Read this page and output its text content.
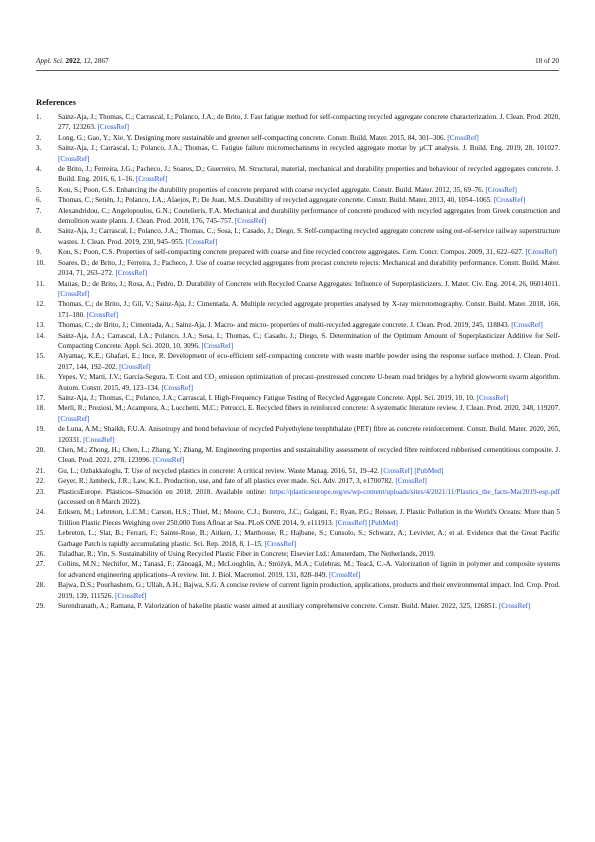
Appl. Sci. 2022, 12, 2867	18 of 20
References
1.	Sainz-Aja, J.; Thomas, C.; Carrascal, I.; Polanco, J.A.; de Brito, J. Fast fatigue method for self-compacting recycled aggregate concrete characterization. J. Clean. Prod. 2020, 277, 123263. [CrossRef]
2.	Long, G.; Gao, Y.; Xie, Y. Designing more sustainable and greener self-compacting concrete. Constr. Build. Mater. 2015, 84, 301–306. [CrossRef]
3.	Sainz-Aja, J.; Carrascal, I.; Polanco, J.A.; Thomas, C. Fatigue failure micromechanisms in recycled aggregate mortar by µCT analysis. J. Build. Eng. 2019, 28, 101027. [CrossRef]
4.	de Brito, J.; Ferreira, J.G.; Pacheco, J.; Soares, D.; Guerreiro, M. Structural, material, mechanical and durability properties and behaviour of recycled aggregates concrete. J. Build. Eng. 2016, 6, 1–16. [CrossRef]
5.	Kou, S.; Poon, C.S. Enhancing the durability properties of concrete prepared with coarse recycled aggregate. Constr. Build. Mater. 2012, 35, 69–76. [CrossRef]
6.	Thomas, C.; Setién, J.; Polanco, J.A.; Alaejos, P.; De Juan, M.S. Durability of recycled aggregate concrete. Constr. Build. Mater. 2013, 40, 1054–1065. [CrossRef]
7.	Alexandridou, C.; Angelopoulos, G.N.; Coutelieris, F.A. Mechanical and durability performance of concrete produced with recycled aggregates from Greek construction and demolition waste plants. J. Clean. Prod. 2018, 176, 745–757. [CrossRef]
8.	Sainz-Aja, J.; Carrascal, I.; Polanco, J.A.; Thomas, C.; Sosa, I.; Casado, J.; Diego, S. Self-compacting recycled aggregate concrete using out-of-service railway superstructure wastes. J. Clean. Prod. 2019, 230, 945–955. [CrossRef]
9.	Kou, S.; Poon, C.S. Properties of self-compacting concrete prepared with coarse and fine recycled concrete aggregates. Cem. Concr. Compos. 2009, 31, 622–627. [CrossRef]
10.	Soares, D.; de Brito, J.; Ferreira, J.; Pacheco, J. Use of coarse recycled aggregates from precast concrete rejects: Mechanical and durability performance. Constr. Build. Mater. 2014, 71, 263–272. [CrossRef]
11.	Matias, D.; de Brito, J.; Rosa, A.; Pedro, D. Durability of Concrete with Recycled Coarse Aggregates: Influence of Superplasticizers. J. Mater. Civ. Eng. 2014, 26, 06014011. [CrossRef]
12.	Thomas, C.; de Brito, J.; Gil, V.; Sainz-Aja, J.; Cimentada, A. Multiple recycled aggregate properties analysed by X-ray microtomography. Constr. Build. Mater. 2018, 166, 171–180. [CrossRef]
13.	Thomas, C.; de Brito, J.; Cimentada, A.; Sainz-Aja, J. Macro- and micro- properties of multi-recycled aggregate concrete. J. Clean. Prod. 2019, 245, 118843. [CrossRef]
14.	Sainz-Aja, J.A.; Carrascal, I.A.; Polanco, J.A.; Sosa, I.; Thomas, C.; Casado, J.; Diego, S. Determination of the Optimum Amount of Superplasticizer Additive for Self-Compacting Concrete. Appl. Sci. 2020, 10, 3096. [CrossRef]
15.	Alyamaç, K.E.; Ghafari, E.; Ince, R. Development of eco-efficient self-compacting concrete with waste marble powder using the response surface method. J. Clean. Prod. 2017, 144, 192–202. [CrossRef]
16.	Yepes, V.; Martí, J.V.; García-Segura, T. Cost and CO₂ emission optimization of precast–prestressed concrete U-beam road bridges by a hybrid glowworm swarm algorithm. Autom. Constr. 2015, 49, 123–134. [CrossRef]
17.	Sainz-Aja, J.; Thomas, C.; Polanco, J.A.; Carrascal, I. High-Frequency Fatigue Testing of Recycled Aggregate Concrete. Appl. Sci. 2019, 10, 10. [CrossRef]
18.	Merli, R.; Preziosi, M.; Acampora, A.; Lucchetti, M.C.; Petrucci, E. Recycled fibers in reinforced concrete: A systematic literature review. J. Clean. Prod. 2020, 248, 119207. [CrossRef]
19.	de Luna, A.M.; Shaikh, F.U.A. Anisotropy and bond behaviour of recycled Polyethylene terephthalate (PET) fibre as concrete reinforcement. Constr. Build. Mater. 2020, 265, 120331. [CrossRef]
20.	Chen, M.; Zhong, H.; Chen, L.; Zhang, Y.; Zhang, M. Engineering properties and sustainability assessment of recycled fibre reinforced rubberised cementitious composite. J. Clean. Prod. 2021, 278, 123996. [CrossRef]
21.	Gu, L.; Ozbakkaloglu, T. Use of recycled plastics in concrete: A critical review. Waste Manag. 2016, 51, 19–42. [CrossRef] [PubMed]
22.	Geyer, R.; Jambeck, J.R.; Law, K.L. Production, use, and fate of all plastics ever made. Sci. Adv. 2017, 3, e1700782. [CrossRef]
23.	PlasticsEurope. Plásticos–Situación en 2018. 2018. Available online: https://plasticseurope.org/es/wp-content/uploads/sites/4/2021/11/Plastics_the_facts-Mar2019-esp.pdf (accessed on 8 March 2022).
24.	Eriksen, M.; Lebreton, L.C.M.; Carson, H.S.; Thiel, M.; Moore, C.J.; Borerro, J.C.; Galgani, F.; Ryan, P.G.; Reisser, J. Plastic Pollution in the World's Oceans: More than 5 Trillion Plastic Pieces Weighing over 250,000 Tons Afloat at Sea. PLoS ONE 2014, 9, e111913. [CrossRef] [PubMed]
25.	Lebreton, L.; Slat, B.; Ferrari, F.; Sainte-Rose, B.; Aitken, J.; Marthouse, R.; Hajbane, S.; Cunsolo, S.; Schwarz, A.; Levivier, A.; et al. Evidence that the Great Pacific Garbage Patch is rapidly accumulating plastic. Sci. Rep. 2018, 8, 1–15. [CrossRef]
26.	Tuladhar, R.; Yin, S. Sustainability of Using Recycled Plastic Fiber in Concrete; Elsevier Ltd.: Amsterdam, The Netherlands, 2019.
27.	Collins, M.N.; Nechifor, M.; Tanasă, F.; Zănoagă, M.; McLoughlin, A.; Stróżyk, M.A.; Culebras, M.; Teacă, C.-A. Valorization of lignin in polymer and composite systems for advanced engineering applications–A review. Int. J. Biol. Macromol. 2019, 131, 828–849. [CrossRef]
28.	Bajwa, D.S.; Pourhashem, G.; Ullah, A.H.; Bajwa, S.G. A concise review of current lignin production, applications, products and their environmental impact. Ind. Crop. Prod. 2019, 139, 111526. [CrossRef]
29.	Surendranath, A.; Ramana, P. Valorization of bakelite plastic waste aimed at auxiliary comprehensive concrete. Constr. Build. Mater. 2022, 325, 126851. [CrossRef]
